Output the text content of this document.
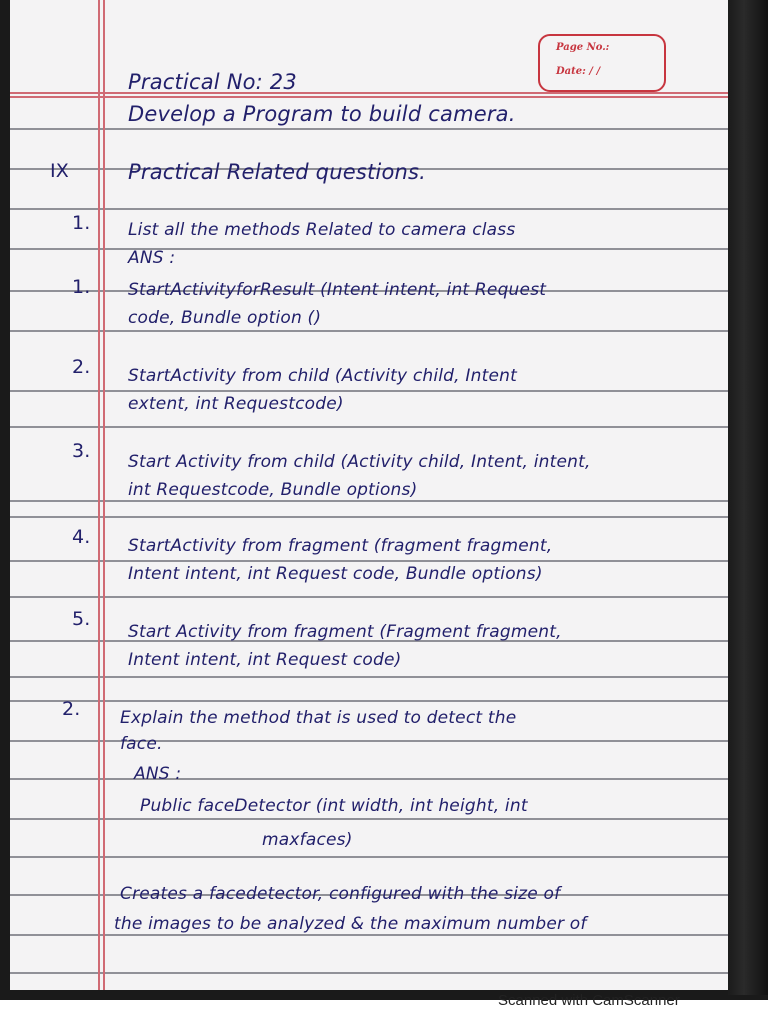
Page No.:
Date: / /
Practical No: 23
Develop a Program to build camera.
IX	Practical Related questions.
1. List all the methods Related to camera class
ANS :
1. StartActivityforResult (Intent intent, int Request
code, Bundle option ()
2. StartActivity from child (Activity child, Intent
extent, int Requestcode)
3. Start Activity from child (Activity child, Intent, intent,
int Requestcode, Bundle options)
4. StartActivity from fragment (fragment fragment,
Intent intent, int Request code, Bundle options)
5.
Start Activity from fragment (Fragment fragment,
Intent intent, int Request code)
2. Explain the method that is used to detect the
face.
ANS :
Public faceDetector (int width, int height, int
maxfaces)
Creates a facedetector, configured with the size of
the images to be analyzed & the maximum number of
Scanned with CamScanner
